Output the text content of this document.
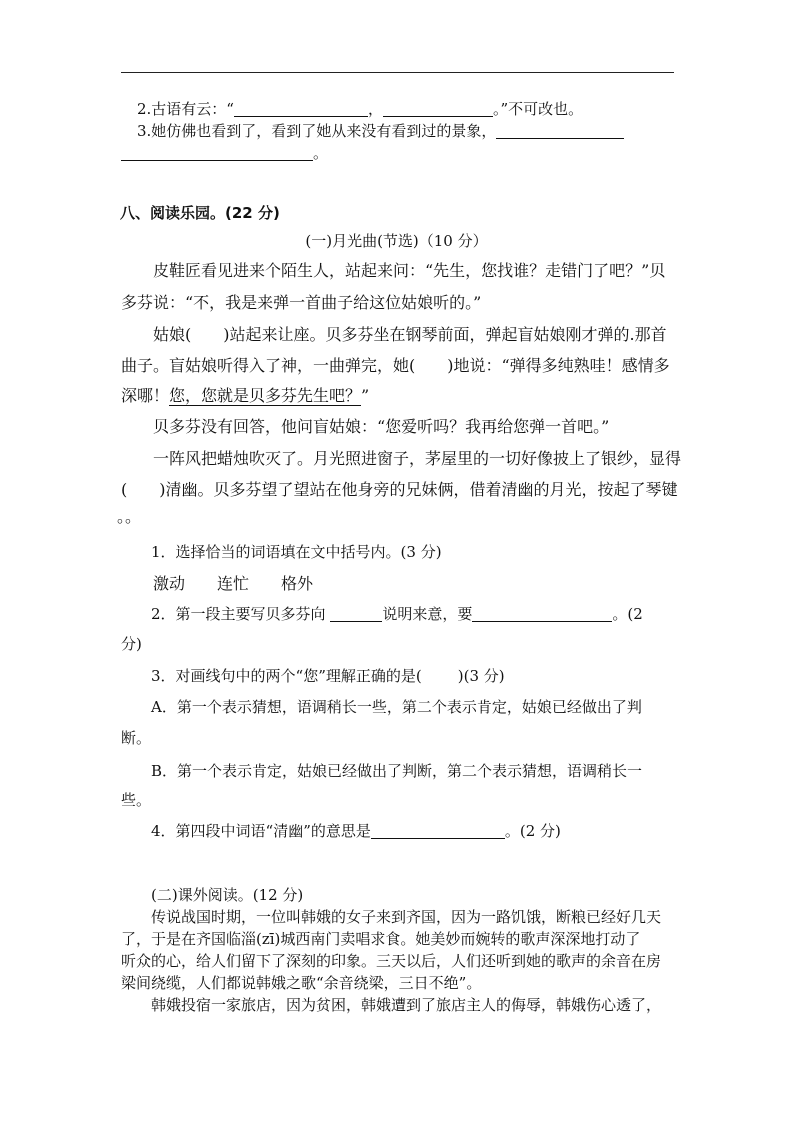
2.古语有云：“	，	。”不可改也。

3.她仿佛也看到了，看到了她从来没有看到过的景象，

。

八、阅读乐园。(22 分)

(一)月光曲(节选)（10 分）

皮鞋匠看见进来个陌生人，站起来问：“先生，您找谁？走错门了吧？”贝

多芬说：“不，我是来弹一首曲子给这位姑娘听的。”

姑娘(　　)站起来让座。贝多芬坐在钢琴前面，弹起盲姑娘刚才弹的.那首

曲子。盲姑娘听得入了神，一曲弹完，她(　　)地说：“弹得多纯熟哇！感情多

深哪！您，您就是贝多芬先生吧？”

贝多芬没有回答，他问盲姑娘：“您爱听吗？我再给您弹一首吧。”

一阵风把蜡烛吹灭了。月光照进窗子，茅屋里的一切好像披上了银纱，显得

(　　)清幽。贝多芬望了望站在他身旁的兄妹俩，借着清幽的月光，按起了琴键

。。

1．选择恰当的词语填在文中括号内。(3 分)

激动 连忙 格外

2．第一段主要写贝多芬向	说明来意，要	。(2

分)

3．对画线句中的两个“您”理解正确的是( )(3 分)

A．第一个表示猜想，语调稍长一些，第二个表示肯定，姑娘已经做出了判

断。

B．第一个表示肯定，姑娘已经做出了判断，第二个表示猜想，语调稍长一

些。

4．第四段中词语“清幽”的意思是	。(2 分)

(二)课外阅读。(12 分)

传说战国时期，一位叫韩娥的女子来到齐国，因为一路饥饿，断粮已经好几天

了，于是在齐国临淄(zī)城西南门卖唱求食。她美妙而婉转的歌声深深地打动了

听众的心，给人们留下了深刻的印象。三天以后，人们还听到她的歌声的余音在房

梁间绕缆，人们都说韩娥之歌“余音绕梁，三日不绝”。

韩娥投宿一家旅店，因为贫困，韩娥遭到了旅店主人的侮辱，韩娥伤心透了，
